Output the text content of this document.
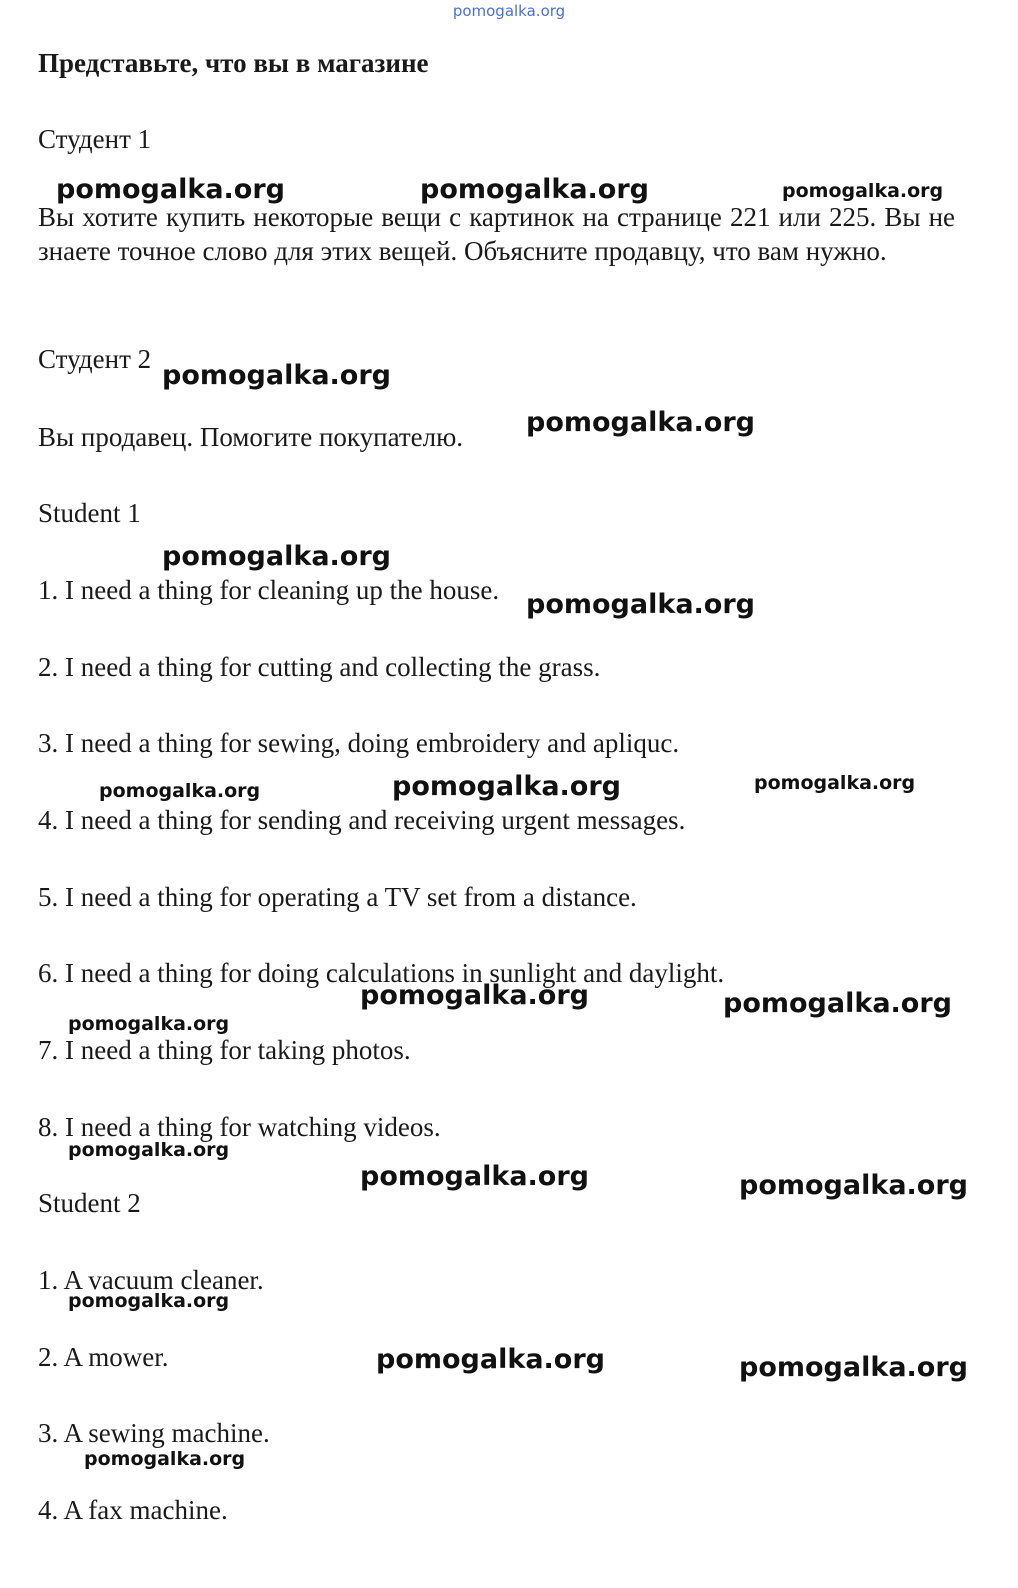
pomogalka.org
Представьте, что вы в магазине
Студент 1
Вы хотите купить некоторые вещи с картинок на странице 221 или 225. Вы не знаете точное слово для этих вещей. Объясните продавцу, что вам нужно.
Студент 2
Вы продавец. Помогите покупателю.
Student 1
1. I need a thing for cleaning up the house.
2. I need a thing for cutting and collecting the grass.
3. I need a thing for sewing, doing embroidery and apliquc.
4. I need a thing for sending and receiving urgent messages.
5. I need a thing for operating a TV set from a distance.
6. I need a thing for doing calculations in sunlight and daylight.
7. I need a thing for taking photos.
8. I need a thing for watching videos.
Student 2
1. A vacuum cleaner.
2. A mower.
3. A sewing machine.
4. A fax machine.
pomogalka.org	pomogalka.org	pomogalka.org
pomogalka.org
pomogalka.org
pomogalka.org
pomogalka.org
pomogalka.org	pomogalka.org	pomogalka.org
pomogalka.org	pomogalka.org
pomogalka.org
pomogalka.org
pomogalka.org	pomogalka.org
pomogalka.org
pomogalka.org	pomogalka.org
pomogalka.org
